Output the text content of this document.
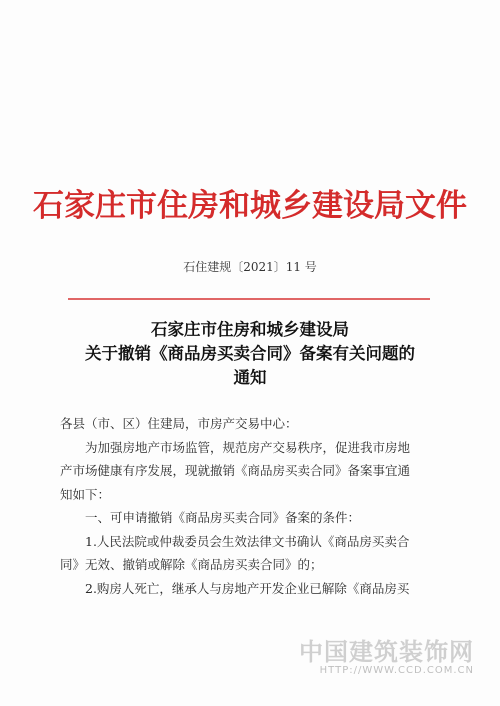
石家庄市住房和城乡建设局文件
石住建规〔2021〕11 号
石家庄市住房和城乡建设局
关于撤销《商品房买卖合同》备案有关问题的
通知

各县（市、区）住建局，市房产交易中心：

为加强房地产市场监管，规范房产交易秩序，促进我市房地

产市场健康有序发展，现就撤销《商品房买卖合同》备案事宜通

知如下：

一、可申请撤销《商品房买卖合同》备案的条件：

1.人民法院或仲裁委员会生效法律文书确认《商品房买卖合

同》无效、撤销或解除《商品房买卖合同》的；

2.购房人死亡，继承人与房地产开发企业已解除《商品房买

中国建筑装饰网
HTTP://WWW.CCD.COM.CN
